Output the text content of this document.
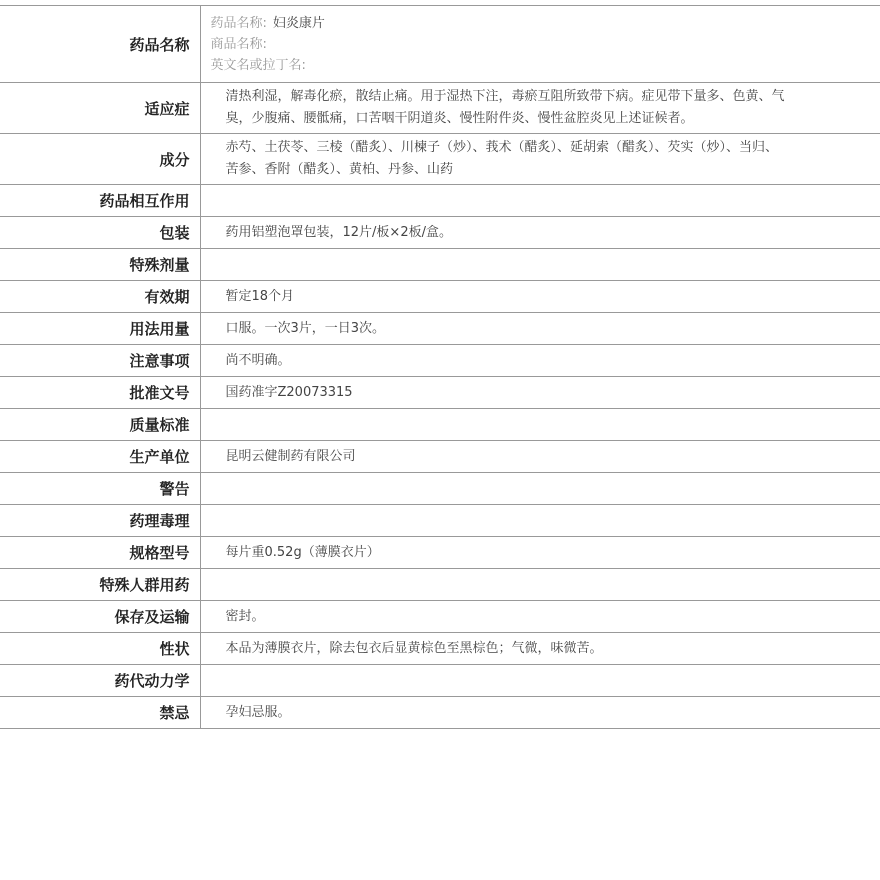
药品名称	药品名称: 妇炎康片
商品名称:
英文名或拉丁名:

适应症	清热利湿，解毒化瘀，散结止痛。用于湿热下注，毒瘀互阻所致带下病。症见带下量多、色黄、气臭，少腹痛、腰骶痛，口苦咽干阴道炎、慢性附件炎、慢性盆腔炎见上述证候者。
成分	赤芍、土茯苓、三棱（醋炙）、川楝子（炒）、莪术（醋炙）、延胡索（醋炙）、芡实（炒）、当归、苦参、香附（醋炙）、黄柏、丹参、山药
药品相互作用	
包装	药用铝塑泡罩包装，12片/板×2板/盒。
特殊剂量	
有效期	暂定18个月
用法用量	口服。一次3片，一日3次。
注意事项	尚不明确。
批准文号	国药准字Z20073315
质量标准	
生产单位	昆明云健制药有限公司
警告	
药理毒理	
规格型号	每片重0.52g（薄膜衣片）
特殊人群用药	
保存及运输	密封。
性状	本品为薄膜衣片，除去包衣后显黄棕色至黑棕色；气微，味微苦。
药代动力学	
禁忌	孕妇忌服。
